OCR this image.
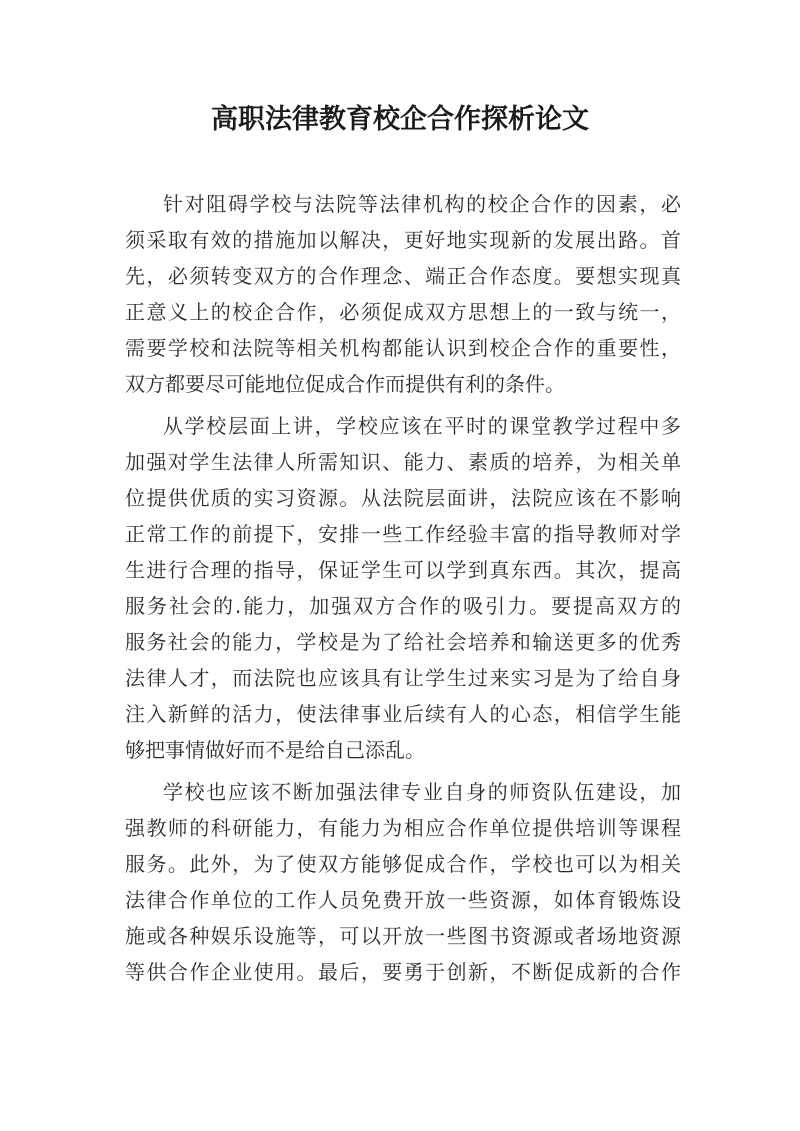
高职法律教育校企合作探析论文
针对阻碍学校与法院等法律机构的校企合作的因素，必
须采取有效的措施加以解决，更好地实现新的发展出路。首
先，必须转变双方的合作理念、端正合作态度。要想实现真
正意义上的校企合作，必须促成双方思想上的一致与统一，
需要学校和法院等相关机构都能认识到校企合作的重要性，
双方都要尽可能地位促成合作而提供有利的条件。
从学校层面上讲，学校应该在平时的课堂教学过程中多
加强对学生法律人所需知识、能力、素质的培养，为相关单
位提供优质的实习资源。从法院层面讲，法院应该在不影响
正常工作的前提下，安排一些工作经验丰富的指导教师对学
生进行合理的指导，保证学生可以学到真东西。其次，提高
服务社会的.能力，加强双方合作的吸引力。要提高双方的
服务社会的能力，学校是为了给社会培养和输送更多的优秀
法律人才，而法院也应该具有让学生过来实习是为了给自身
注入新鲜的活力，使法律事业后续有人的心态，相信学生能
够把事情做好而不是给自己添乱。
学校也应该不断加强法律专业自身的师资队伍建设，加
强教师的科研能力，有能力为相应合作单位提供培训等课程
服务。此外，为了使双方能够促成合作，学校也可以为相关
法律合作单位的工作人员免费开放一些资源，如体育锻炼设
施或各种娱乐设施等，可以开放一些图书资源或者场地资源
等供合作企业使用。最后，要勇于创新，不断促成新的合作
